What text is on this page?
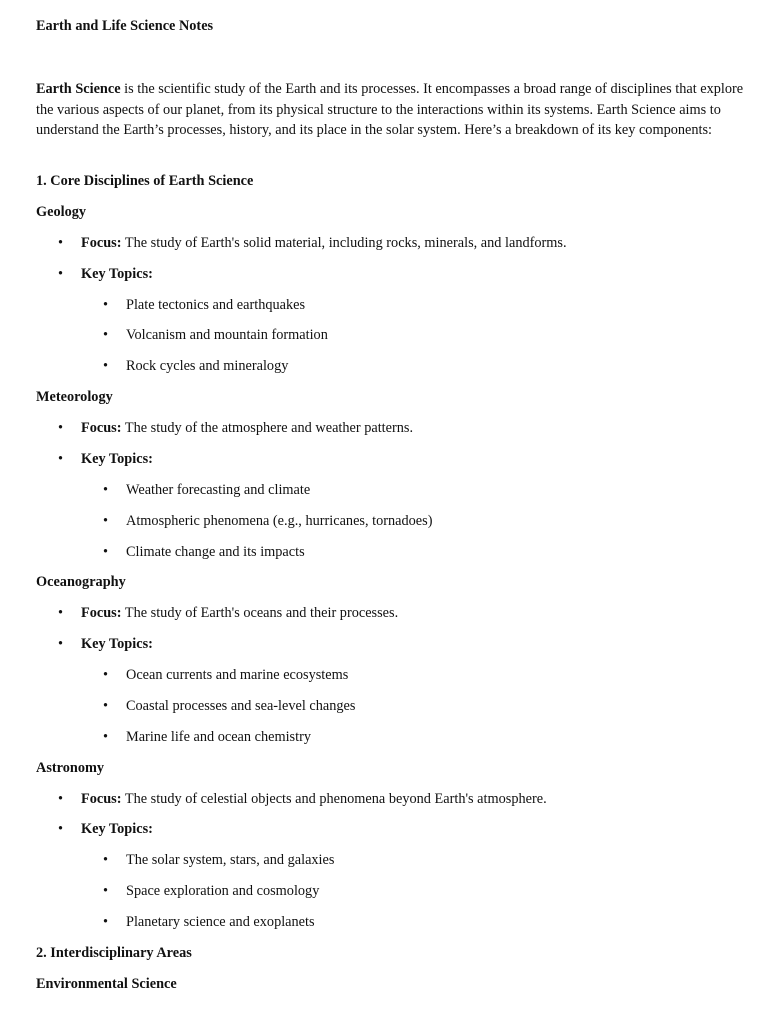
Earth and Life Science Notes

Earth Science is the scientific study of the Earth and its processes. It encompasses a broad range of disciplines that explore the various aspects of our planet, from its physical structure to the interactions within its systems. Earth Science aims to understand the Earth’s processes, history, and its place in the solar system. Here’s a breakdown of its key components:

1. Core Disciplines of Earth Science

Geology

• Focus: The study of Earth's solid material, including rocks, minerals, and landforms.

• Key Topics:

• Plate tectonics and earthquakes

• Volcanism and mountain formation

• Rock cycles and mineralogy

Meteorology

• Focus: The study of the atmosphere and weather patterns.

• Key Topics:

• Weather forecasting and climate

• Atmospheric phenomena (e.g., hurricanes, tornadoes)

• Climate change and its impacts

Oceanography

• Focus: The study of Earth's oceans and their processes.

• Key Topics:

• Ocean currents and marine ecosystems

• Coastal processes and sea-level changes

• Marine life and ocean chemistry

Astronomy

• Focus: The study of celestial objects and phenomena beyond Earth's atmosphere.

• Key Topics:

• The solar system, stars, and galaxies

• Space exploration and cosmology

• Planetary science and exoplanets

2. Interdisciplinary Areas

Environmental Science
